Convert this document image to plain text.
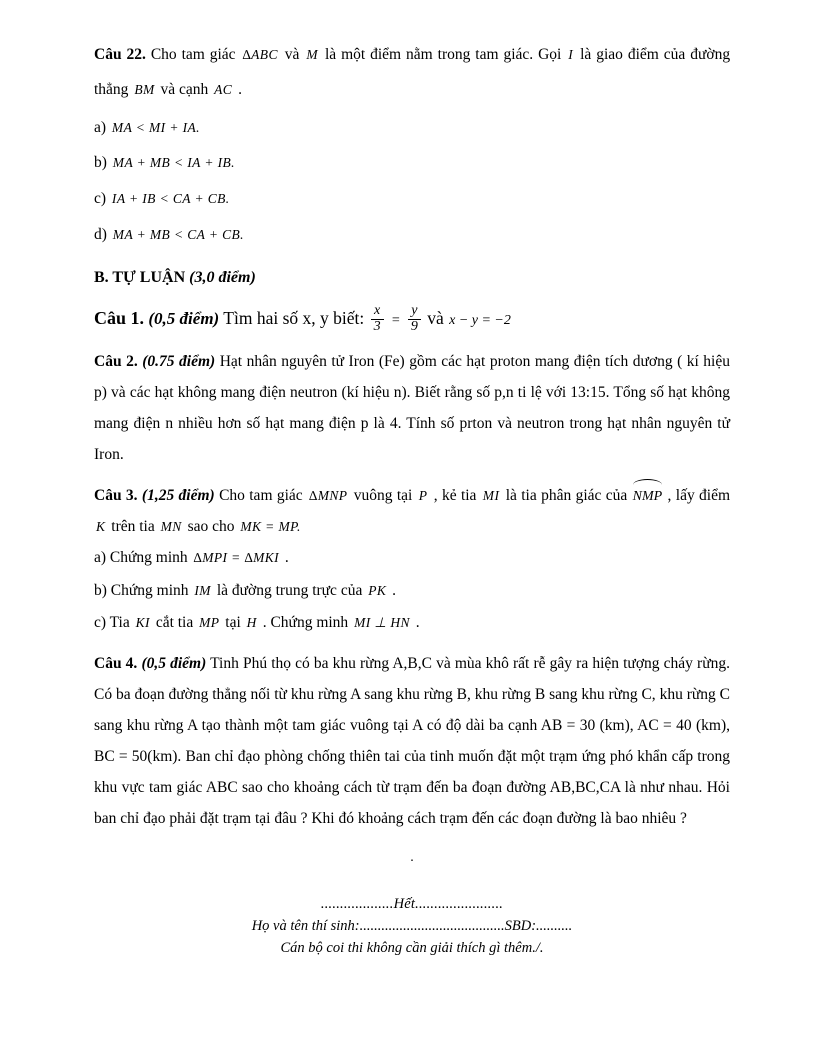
Câu 22. Cho tam giác ∆ABC và M là một điểm nằm trong tam giác. Gọi I là giao điểm của đường thẳng BM và cạnh AC .

a) MA < MI + IA.

b) MA + MB < IA + IB.

c) IA + IB < CA + CB.

d) MA + MB < CA + CB.

B. TỰ LUẬN (3,0 điểm)

Câu 1. (0,5 điểm) Tìm hai số x, y biết: $\frac{x}{3} = \frac{y}{9}$ và x − y = −2

Câu 2. (0.75 điểm) Hạt nhân nguyên tử Iron (Fe) gồm các hạt proton mang điện tích dương ( kí hiệu p) và các hạt không mang điện neutron (kí hiệu n). Biết rằng số p,n ti lệ với 13:15. Tổng số hạt không mang điện n nhiều hơn số hạt mang điện p là 4. Tính số prton và neutron trong hạt nhân nguyên tử Iron.

Câu 3. (1,25 điểm) Cho tam giác ∆MNP vuông tại P , kẻ tia MI là tia phân giác của NMP , lấy điểm K trên tia MN sao cho MK = MP.

a) Chứng minh ∆MPI = ∆MKI .

b) Chứng minh IM là đường trung trực của PK .

c) Tia KI cắt tia MP tại H . Chứng minh MI ⊥ HN .

Câu 4. (0,5 điểm) Tinh Phú thọ có ba khu rừng A,B,C và mùa khô rất rễ gây ra hiện tượng cháy rừng. Có ba đoạn đường thẳng nối từ khu rừng A sang khu rừng B, khu rừng B sang khu rừng C, khu rừng C sang khu rừng A tạo thành một tam giác vuông tại A có độ dài ba cạnh AB = 30 (km), AC = 40 (km), BC = 50(km). Ban chỉ đạo phòng chống thiên tai của tinh muốn đặt một trạm ứng phó khẩn cấp trong khu vực tam giác ABC sao cho khoảng cách từ trạm đến ba đoạn đường AB,BC,CA là như nhau. Hỏi ban chỉ đạo phải đặt trạm tại đâu ? Khi đó khoảng cách trạm đến các đoạn đường là bao nhiêu ?

.
...................Hết.......................
Họ và tên thí sinh:........................................SBD:..........
Cán bộ coi thi không cần giải thích gì thêm./.
